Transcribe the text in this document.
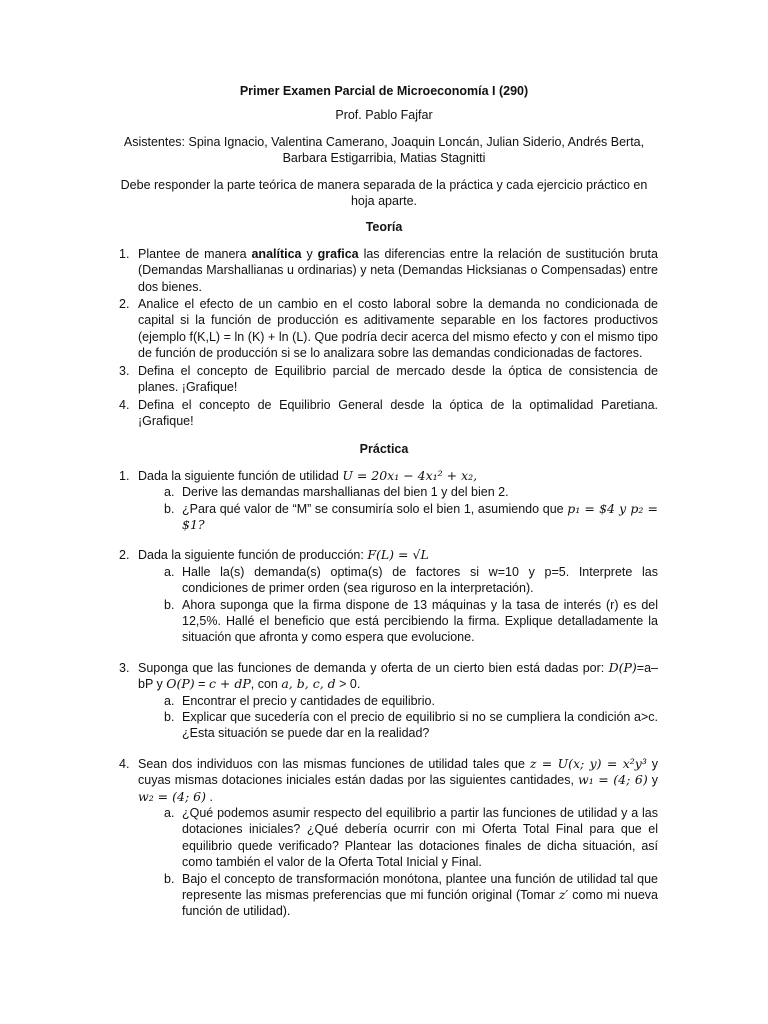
Primer Examen Parcial de Microeconomía I (290)

Prof. Pablo Fajfar

Asistentes: Spina Ignacio, Valentina Camerano, Joaquin Loncán, Julian Siderio, Andrés Berta, Barbara Estigarribia, Matias Stagnitti

Debe responder la parte teórica de manera separada de la práctica y cada ejercicio práctico en hoja aparte.

Teoría

1. Plantee de manera analítica y grafica las diferencias entre la relación de sustitución bruta (Demandas Marshallianas u ordinarias) y neta (Demandas Hicksianas o Compensadas) entre dos bienes.
2. Analice el efecto de un cambio en el costo laboral sobre la demanda no condicionada de capital si la función de producción es aditivamente separable en los factores productivos (ejemplo f(K,L) = ln (K) + ln (L). Que podría decir acerca del mismo efecto y con el mismo tipo de función de producción si se lo analizara sobre las demandas condicionadas de factores.
3. Defina el concepto de Equilibrio parcial de mercado desde la óptica de consistencia de planes. ¡Grafique!
4. Defina el concepto de Equilibrio General desde la óptica de la optimalidad Paretiana. ¡Grafique!

Práctica

1. Dada la siguiente función de utilidad U = 20x₁ − 4x₁² + x₂,
a. Derive las demandas marshallianas del bien 1 y del bien 2.
b. ¿Para qué valor de “M” se consumiría solo el bien 1, asumiendo que p₁ = $4 y p₂ = $1?
2. Dada la siguiente función de producción: F(L) = √L
a. Halle la(s) demanda(s) optima(s) de factores si w=10 y p=5. Interprete las condiciones de primer orden (sea riguroso en la interpretación).
b. Ahora suponga que la firma dispone de 13 máquinas y la tasa de interés (r) es del 12,5%. Hallé el beneficio que está percibiendo la firma. Explique detalladamente la situación que afronta y como espera que evolucione.
3. Suponga que las funciones de demanda y oferta de un cierto bien está dadas por: D(P)=a–bP y O(P) = c + dP, con a, b, c, d > 0.
a. Encontrar el precio y cantidades de equilibrio.
b. Explicar que sucedería con el precio de equilibrio si no se cumpliera la condición a>c. ¿Esta situación se puede dar en la realidad?
4. Sean dos individuos con las mismas funciones de utilidad tales que z = U(x; y) = x²y³ y cuyas mismas dotaciones iniciales están dadas por las siguientes cantidades, w₁ = (4; 6) y w₂ = (4; 6) .
a. ¿Qué podemos asumir respecto del equilibrio a partir las funciones de utilidad y a las dotaciones iniciales? ¿Qué debería ocurrir con mi Oferta Total Final para que el equilibrio quede verificado? Plantear las dotaciones finales de dicha situación, así como también el valor de la Oferta Total Inicial y Final.
b. Bajo el concepto de transformación monótona, plantee una función de utilidad tal que represente las mismas preferencias que mi función original (Tomar z′ como mi nueva función de utilidad).
